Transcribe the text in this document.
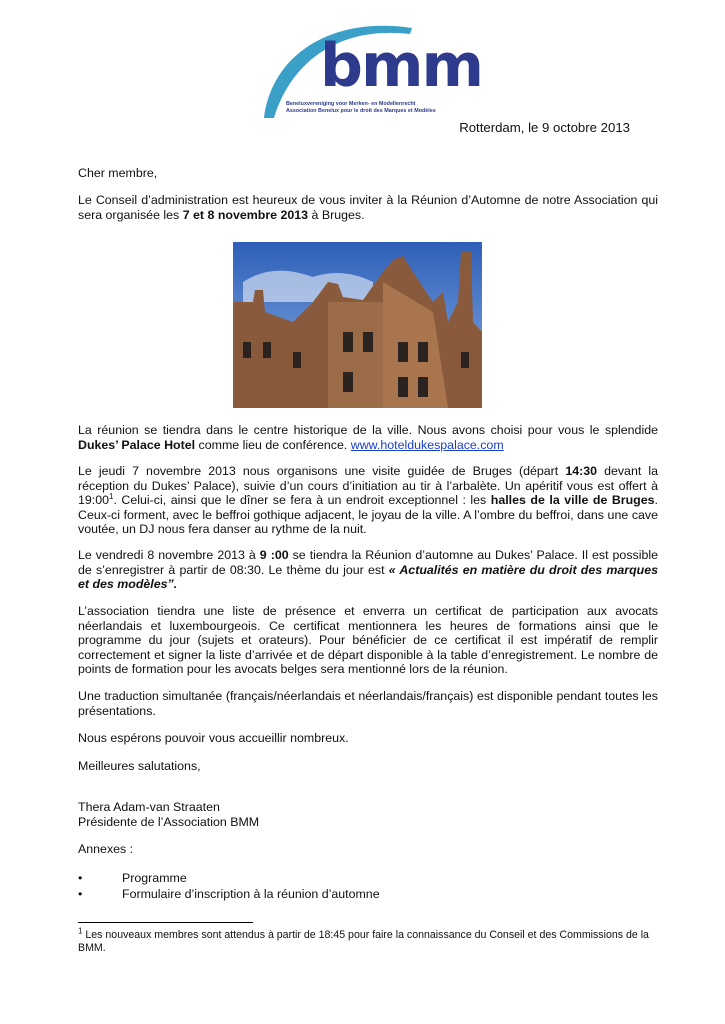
bmm
Beneluxvereniging voor Merken- en Modellenrecht
Association Benelux pour le droit des Marques et Modèles
Rotterdam, le 9 octobre 2013

Cher membre,

Le Conseil d’administration est heureux de vous inviter à la Réunion d’Automne de notre Association qui sera organisée les 7 et 8 novembre 2013 à Bruges.

La réunion se tiendra dans le centre historique de la ville. Nous avons choisi pour vous le splendide Dukes’ Palace Hotel comme lieu de conférence. www.hoteldukespalace.com

Le jeudi 7 novembre 2013 nous organisons une visite guidée de Bruges (départ 14:30 devant la réception du Dukes’ Palace), suivie d’un cours d’initiation au tir à l’arbalète. Un apéritif vous est offert à $19:00^1$. Celui-ci, ainsi que le dîner se fera à un endroit exceptionnel : les halles de la ville de Bruges. Ceux-ci forment, avec le beffroi gothique adjacent, le joyau de la ville. A l’ombre du beffroi, dans une cave voutée, un DJ nous fera danser au rythme de la nuit.

Le vendredi 8 novembre 2013 à 9 :00 se tiendra la Réunion d’automne au Dukes’ Palace. Il est possible de s’enregistrer à partir de 08:30. Le thème du jour est « Actualités en matière du droit des marques et des modèles”.

L’association tiendra une liste de présence et enverra un certificat de participation aux avocats néerlandais et luxembourgeois. Ce certificat mentionnera les heures de formations ainsi que le programme du jour (sujets et orateurs). Pour bénéficier de ce certificat il est impératif de remplir correctement et signer la liste d’arrivée et de départ disponible à la table d’enregistrement. Le nombre de points de formation pour les avocats belges sera mentionné lors de la réunion.

Une traduction simultanée (français/néerlandais et néerlandais/français) est disponible pendant toutes les présentations.

Nous espérons pouvoir vous accueillir nombreux.

Meilleures salutations,

Thera Adam-van Straaten

Présidente de l’Association BMM

Annexes :

•	Programme
•	Formulaire d’inscription à la réunion d’automne
$^1$ Les nouveaux membres sont attendus à partir de 18:45 pour faire la connaissance du Conseil et des Commissions de la BMM.
